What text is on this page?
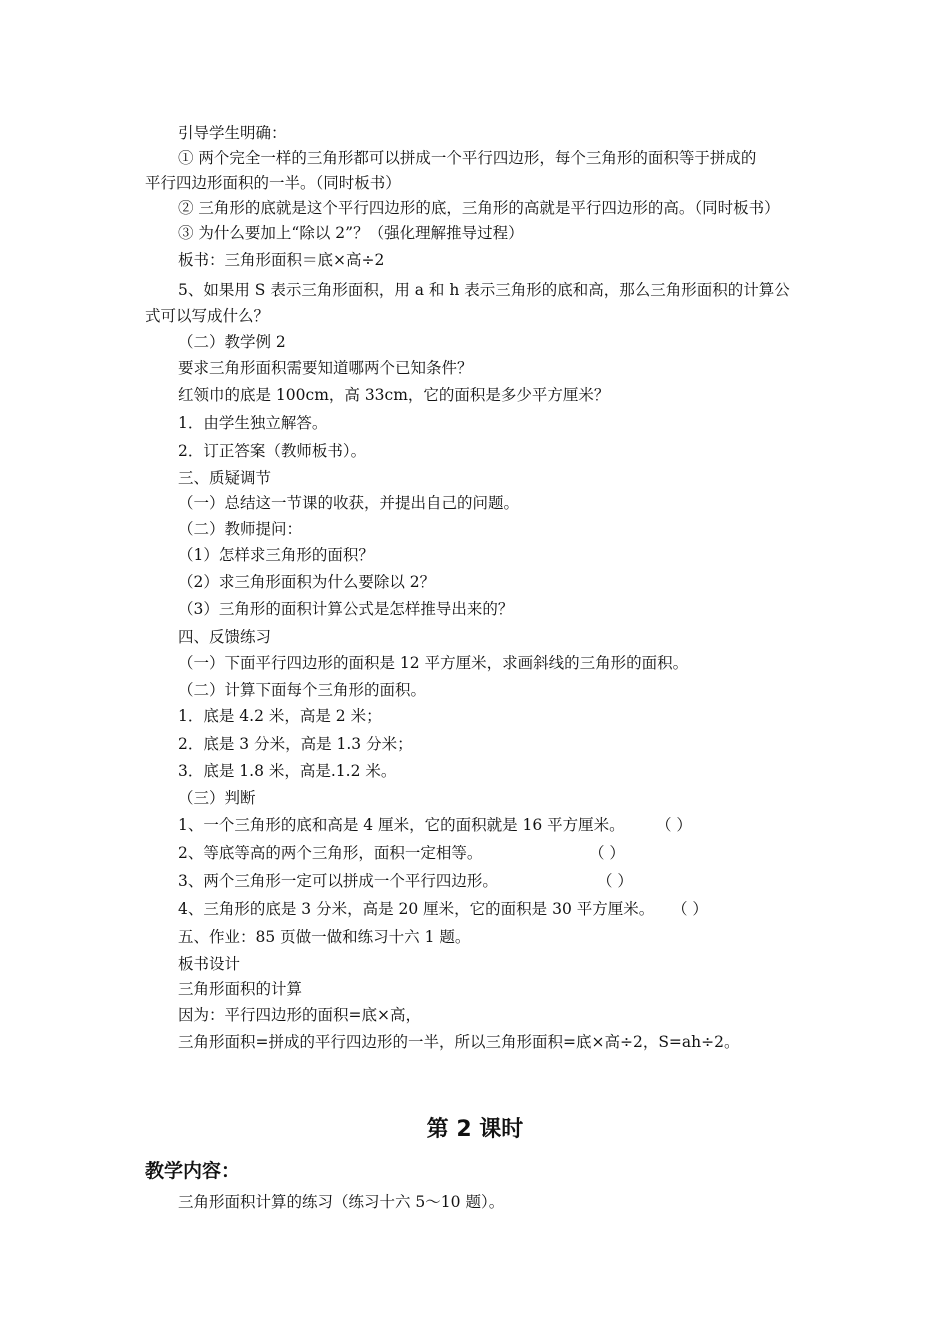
引导学生明确：
① 两个完全一样的三角形都可以拼成一个平行四边形，每个三角形的面积等于拼成的
平行四边形面积的一半。（同时板书）
② 三角形的底就是这个平行四边形的底，三角形的高就是平行四边形的高。（同时板书）
③ 为什么要加上“除以 2”？（强化理解推导过程）
板书：三角形面积＝底×高÷2
5、如果用 S 表示三角形面积，用 a 和 h 表示三角形的底和高，那么三角形面积的计算公
式可以写成什么？
（二）教学例 2
要求三角形面积需要知道哪两个已知条件？
红领巾的底是 100cm，高 33cm，它的面积是多少平方厘米？
1．由学生独立解答。
2．订正答案（教师板书）。
三、质疑调节
（一）总结这一节课的收获，并提出自己的问题。
（二）教师提问：
（1）怎样求三角形的面积？
（2）求三角形面积为什么要除以 2？
（3）三角形的面积计算公式是怎样推导出来的？
四、反馈练习
（一）下面平行四边形的面积是 12 平方厘米，求画斜线的三角形的面积。
（二）计算下面每个三角形的面积。
1．底是 4.2 米，高是 2 米；
2．底是 3 分米，高是 1.3 分米；
3．底是 1.8 米，高是.1.2 米。
（三）判断
1、一个三角形的底和高是 4 厘米，它的面积就是 16 平方厘米。 （ ）
2、等底等高的两个三角形，面积一定相等。	（ ）
3、两个三角形一定可以拼成一个平行四边形。	（ ）
4、三角形的底是 3 分米，高是 20 厘米，它的面积是 30 平方厘米。 （ ）
五、作业：85 页做一做和练习十六 1 题。
板书设计
三角形面积的计算
因为：平行四边形的面积=底×高，
三角形面积=拼成的平行四边形的一半，所以三角形面积=底×高÷2，S=ah÷2。
第 2 课时
教学内容：
三角形面积计算的练习（练习十六 5～10 题）。
